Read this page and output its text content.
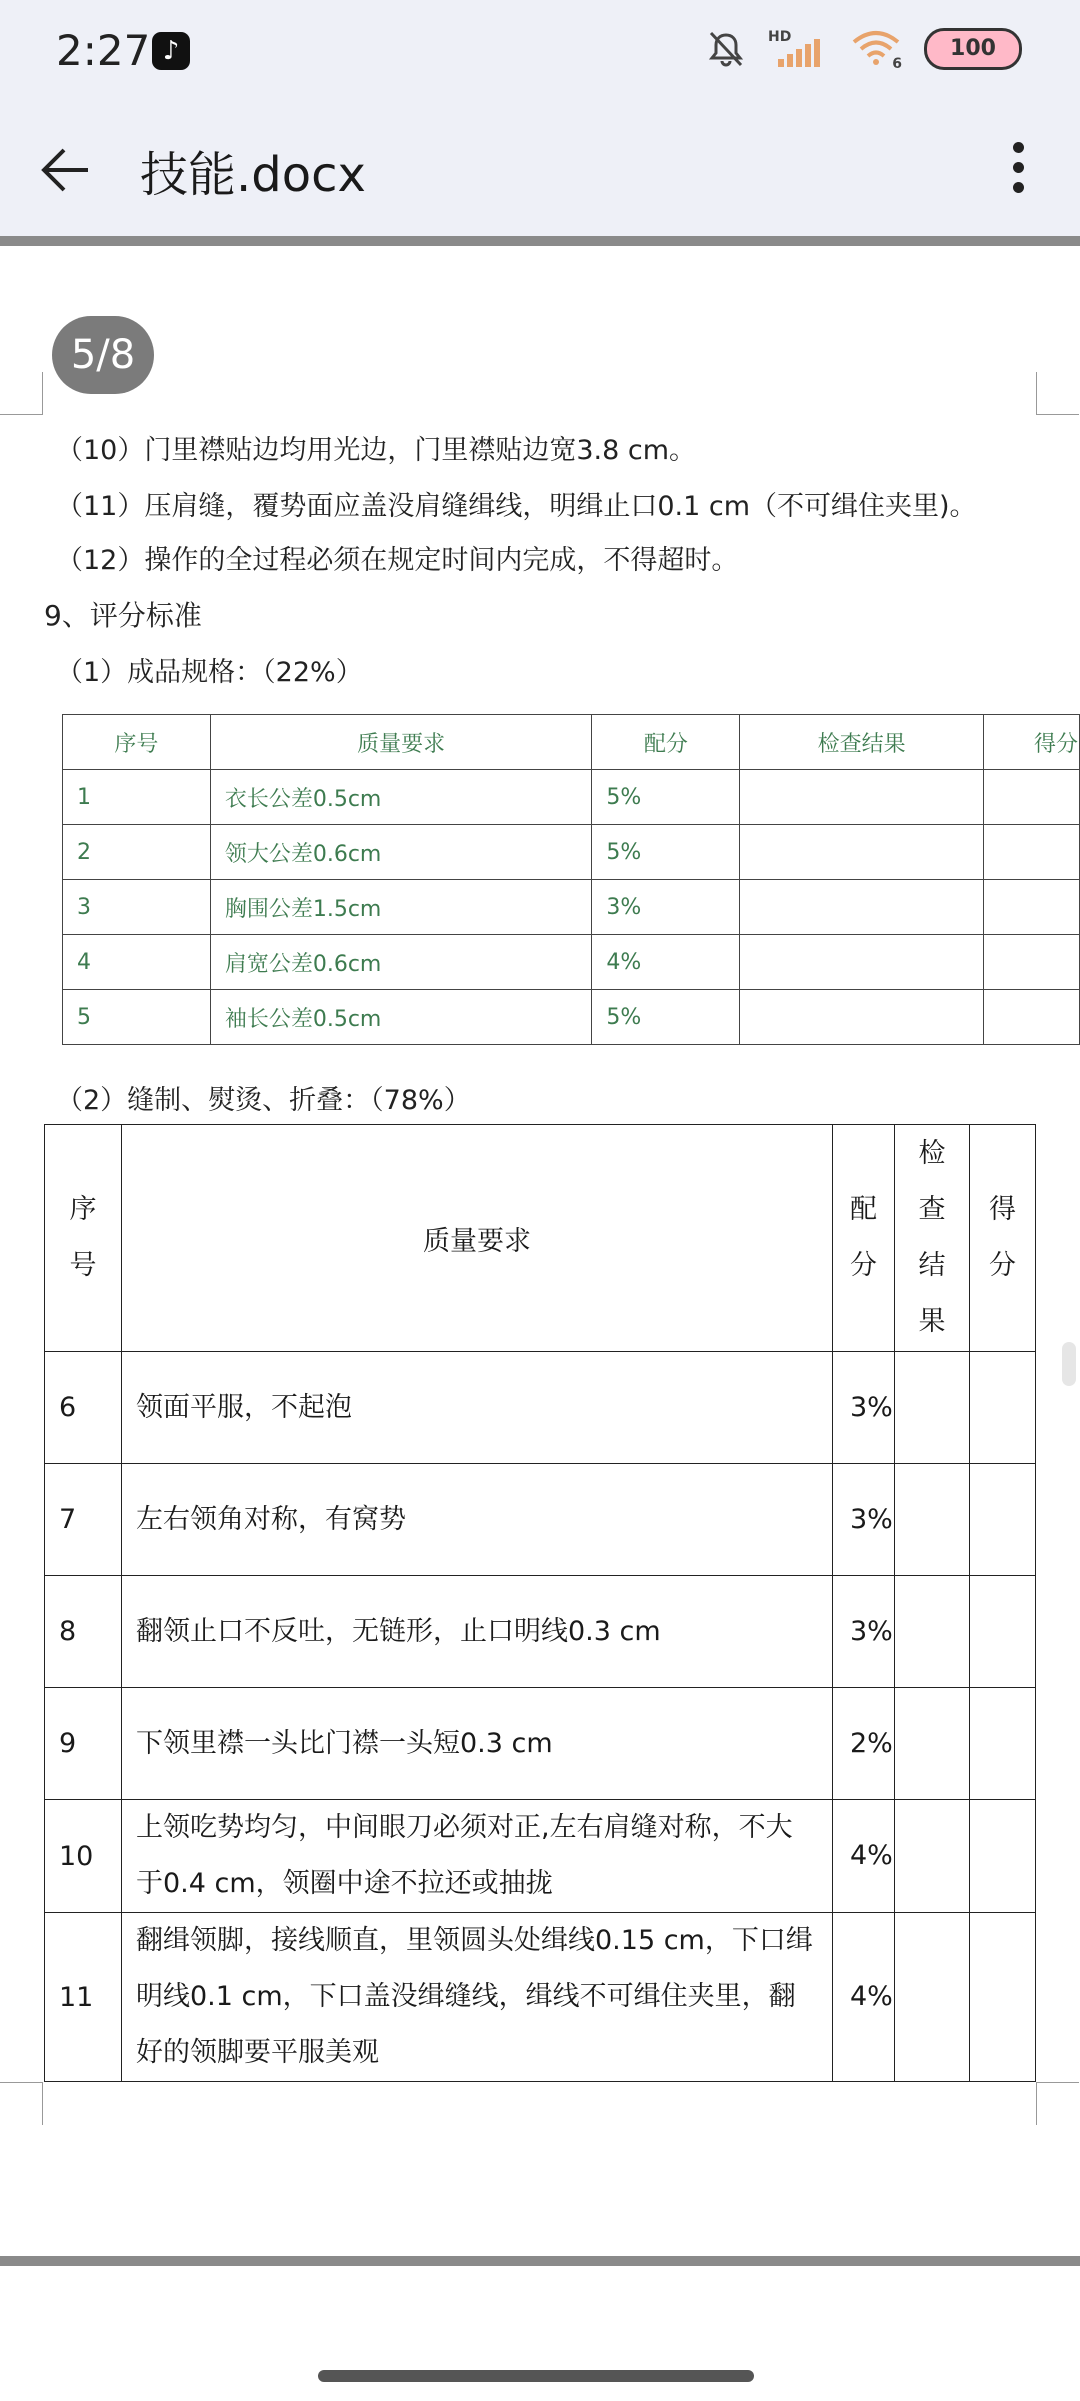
2:27 ♪	HD
6
100
技能.docx
5/8
（10）门里襟贴边均用光边，门里襟贴边宽3.8 cm。
（11）压肩缝，覆势面应盖没肩缝缉线，明缉止口0.1 cm（不可缉住夹里)。
（12）操作的全过程必须在规定时间内完成，不得超时。
9、评分标准
（1）成品规格：（22%）
序号	质量要求	配分	检查结果	得分
1	衣长公差0.5cm	5%		
2	领大公差0.6cm	5%		
3	胸围公差1.5cm	3%		
4	肩宽公差0.6cm	4%		
5	袖长公差0.5cm	5%		
（2）缝制、熨烫、折叠：（78%）
序号	质量要求	配分	检查结果	得分

6	领面平服，不起泡	3%		

7	左右领角对称，有窝势	3%		

8	翻领止口不反吐，无链形，止口明线0.3 cm	3%		

9	下领里襟一头比门襟一头短0.3 cm	2%		

10	上领吃势均匀，中间眼刀必须对正,左右肩缝对称，不大于0.4 cm，领圈中途不拉还或抽拢	4%		

11	翻缉领脚，接线顺直，里领圆头处缉线0.15 cm，下口缉明线0.1 cm，下口盖没缉缝线，缉线不可缉住夹里，翻好的领脚要平服美观	4%		
